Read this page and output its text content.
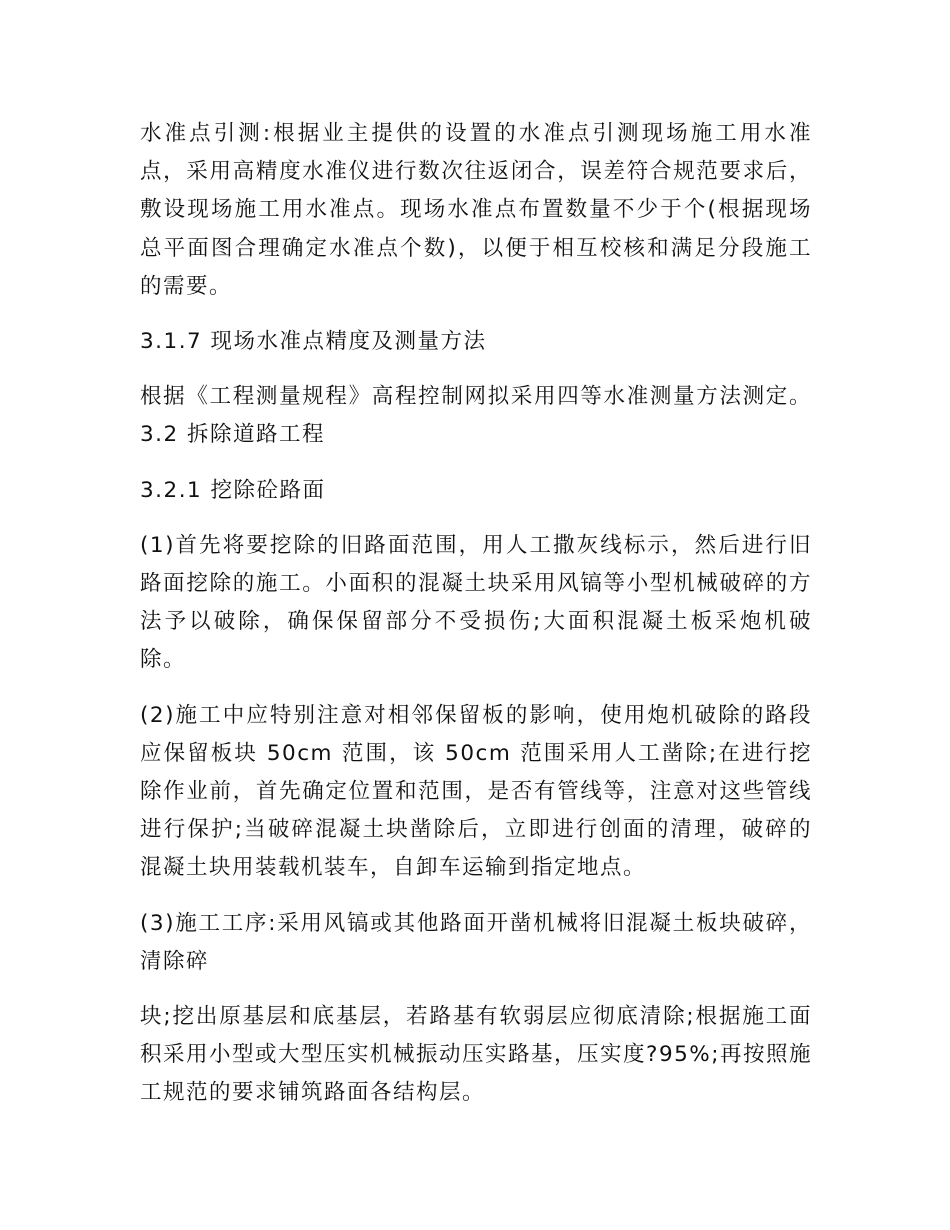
水准点引测:根据业主提供的设置的水准点引测现场施工用水准点，采用高精度水准仪进行数次往返闭合，误差符合规范要求后，敷设现场施工用水准点。现场水准点布置数量不少于个(根据现场总平面图合理确定水准点个数)，以便于相互校核和满足分段施工的需要。

3.1.7 现场水准点精度及测量方法

根据《工程测量规程》高程控制网拟采用四等水准测量方法测定。 3.2 拆除道路工程

3.2.1 挖除砼路面

(1)首先将要挖除的旧路面范围，用人工撒灰线标示，然后进行旧路面挖除的施工。小面积的混凝土块采用风镐等小型机械破碎的方法予以破除，确保保留部分不受损伤;大面积混凝土板采炮机破除。

(2)施工中应特别注意对相邻保留板的影响，使用炮机破除的路段应保留板块 50cm 范围，该 50cm 范围采用人工凿除;在进行挖除作业前，首先确定位置和范围，是否有管线等，注意对这些管线进行保护;当破碎混凝土块凿除后，立即进行创面的清理，破碎的混凝土块用装载机装车，自卸车运输到指定地点。

(3)施工工序:采用风镐或其他路面开凿机械将旧混凝土板块破碎，清除碎

块;挖出原基层和底基层，若路基有软弱层应彻底清除;根据施工面积采用小型或大型压实机械振动压实路基，压实度?95%;再按照施工规范的要求铺筑路面各结构层。
